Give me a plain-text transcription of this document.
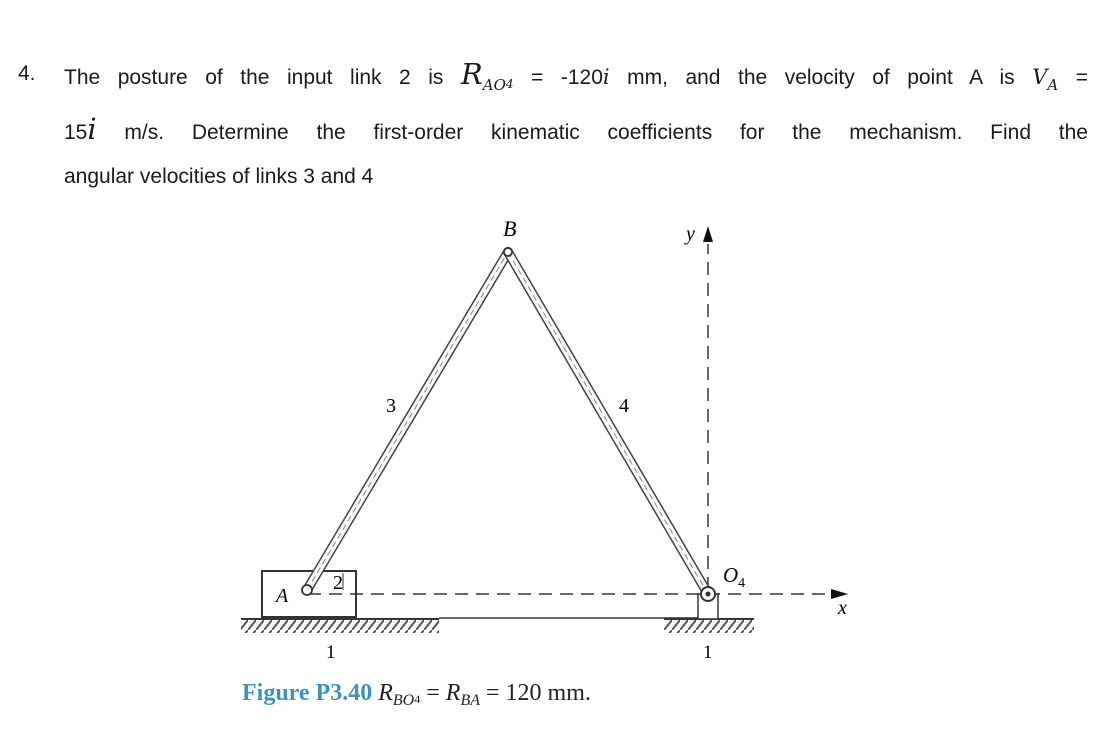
4. The posture of the input link 2 is $R_{AO}4 = -120i$ mm, and the velocity of point A is $V_A$ =
15i m/s. Determine the first-order kinematic coefficients for the mechanism. Find the
angular velocities of links 3 and 4
B	y
3	4
A
2	$O_4$
x
1	1
Figure P3.40 $R_{BO}4 = R_{BA} = 120$ mm.
